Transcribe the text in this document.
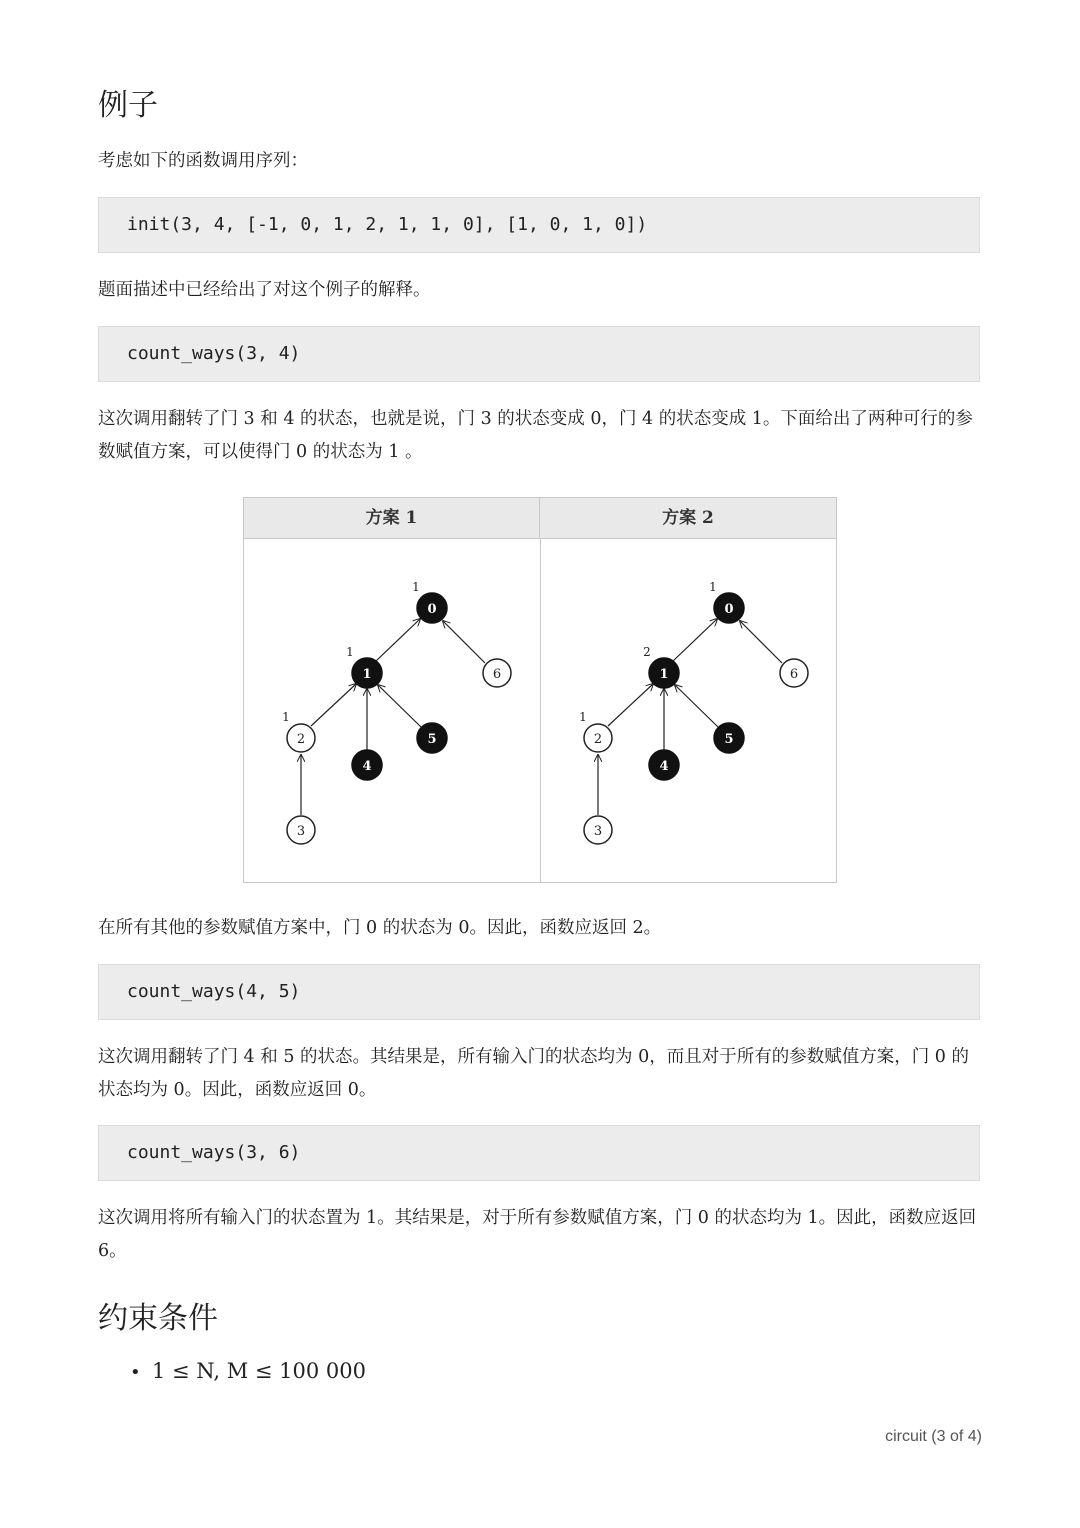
例子

考虑如下的函数调用序列：

init(3, 4, [-1, 0, 1, 2, 1, 1, 0], [1, 0, 1, 0])

题面描述中已经给出了对这个例子的解释。

count_ways(3, 4)

这次调用翻转了门 3 和 4 的状态，也就是说，门 3 的状态变成 0，门 4 的状态变成 1。下面给出了两种可行的参数赋值方案，可以使得门 0 的状态为 1 。

方案 1	方案 2
0
1	6
2	5
4
3
1
1
1
0
1	6
2	5
4
3
1
2
1

在所有其他的参数赋值方案中，门 0 的状态为 0。因此，函数应返回 2。

count_ways(4, 5)

这次调用翻转了门 4 和 5 的状态。其结果是，所有输入门的状态均为 0，而且对于所有的参数赋值方案，门 0 的状态均为 0。因此，函数应返回 0。

count_ways(3, 6)

这次调用将所有输入门的状态置为 1。其结果是，对于所有参数赋值方案，门 0 的状态均为 1。因此，函数应返回 6。

约束条件
• 1 ≤ N, M ≤ 100 000
circuit (3 of 4)
